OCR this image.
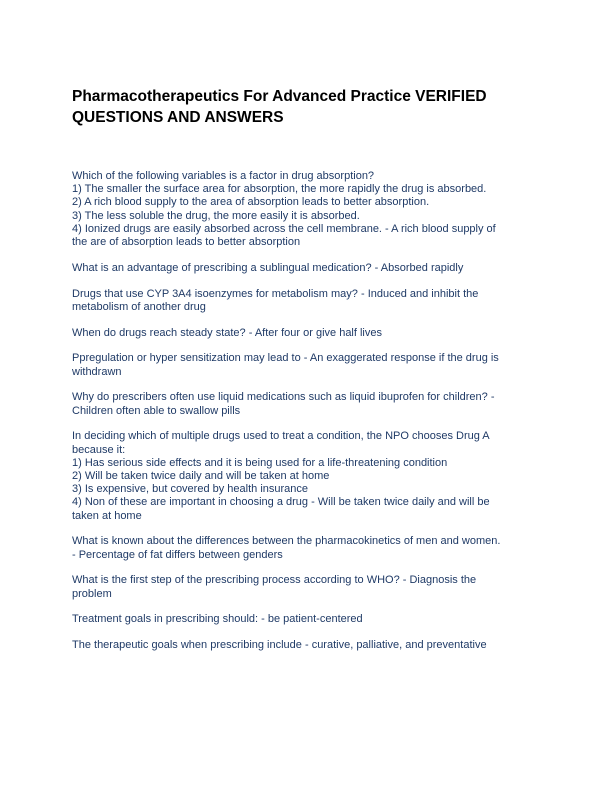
Pharmacotherapeutics For Advanced Practice VERIFIED
QUESTIONS AND ANSWERS

Which of the following variables is a factor in drug absorption?
1) The smaller the surface area for absorption, the more rapidly the drug is absorbed.
2) A rich blood supply to the area of absorption leads to better absorption.
3) The less soluble the drug, the more easily it is absorbed.
4) Ionized drugs are easily absorbed across the cell membrane. - A rich blood supply of
the are of absorption leads to better absorption

What is an advantage of prescribing a sublingual medication? - Absorbed rapidly

Drugs that use CYP 3A4 isoenzymes for metabolism may? - Induced and inhibit the
metabolism of another drug

When do drugs reach steady state? - After four or give half lives

Ppregulation or hyper sensitization may lead to - An exaggerated response if the drug is
withdrawn

Why do prescribers often use liquid medications such as liquid ibuprofen for children? -
Children often able to swallow pills

In deciding which of multiple drugs used to treat a condition, the NPO chooses Drug A
because it:
1) Has serious side effects and it is being used for a life-threatening condition
2) Will be taken twice daily and will be taken at home
3) Is expensive, but covered by health insurance
4) Non of these are important in choosing a drug - Will be taken twice daily and will be
taken at home

What is known about the differences between the pharmacokinetics of men and women.
- Percentage of fat differs between genders

What is the first step of the prescribing process according to WHO? - Diagnosis the
problem

Treatment goals in prescribing should: - be patient-centered

The therapeutic goals when prescribing include - curative, palliative, and preventative
